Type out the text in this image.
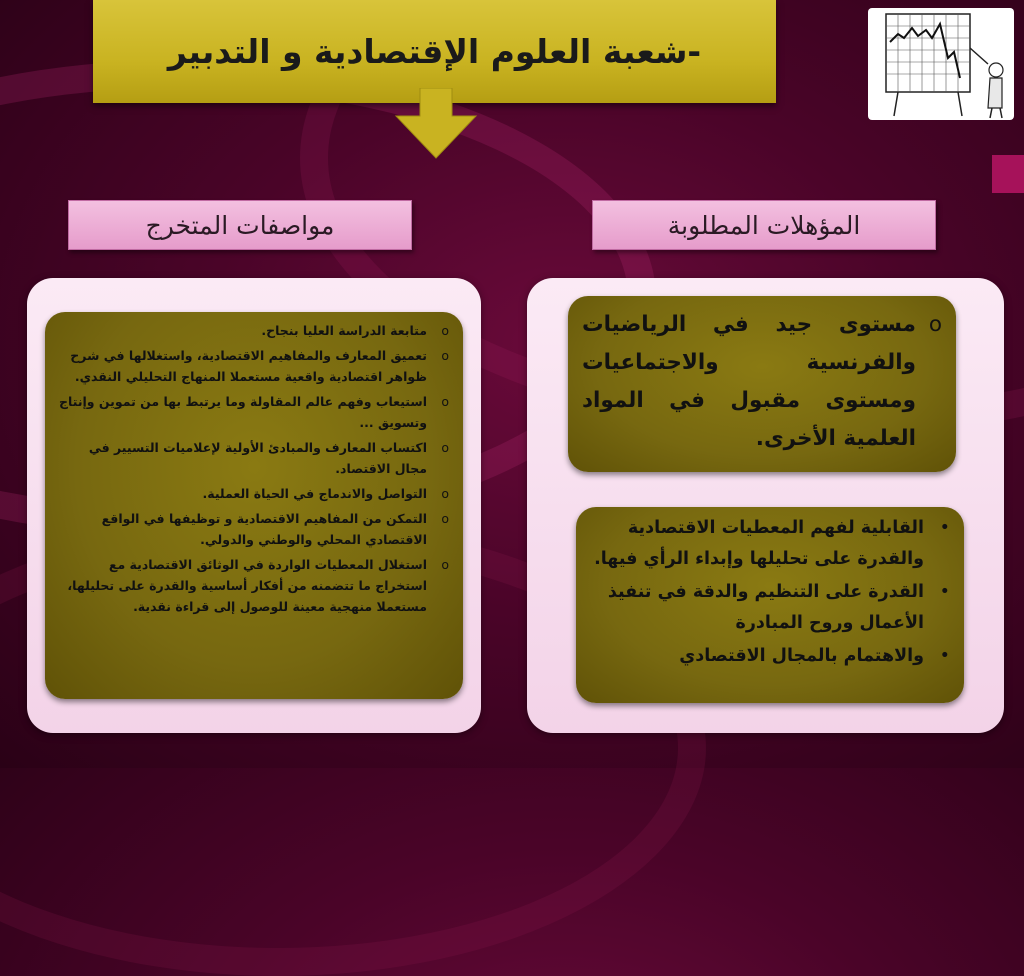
-شعبة العلوم الإقتصادية و التدبير
مواصفات المتخرج	المؤهلات المطلوبة
o
متابعة الدراسة العليا بنجاح.
o
تعميق المعارف والمفاهيم الاقتصادية، واستغلالها في شرح ظواهر اقتصادية واقعية مستعملا المنهاج التحليلي النقدي.
o
استيعاب وفهم عالم المقاولة وما يرتبط بها من تموين وإنتاج وتسويق ...
o
اكتساب المعارف والمبادئ الأولية لإعلاميات التسيير في مجال الاقتصاد.
o
التواصل والاندماج في الحياة العملية.
o
التمكن من المفاهيم الاقتصادية و توظيفها في الواقع الاقتصادي المحلي والوطني والدولي.
o
استغلال المعطيات الواردة في الوثائق الاقتصادية مع استخراج ما تتضمنه من أفكار أساسية والقدرة على تحليلها، مستعملا منهجية معينة للوصول إلى قراءة نقدية.

o
مستوى جيد في الرياضيات والفرنسية والاجتماعيات ومستوى مقبول في المواد العلمية الأخرى.

•
القابلية لفهم المعطيات الاقتصادية والقدرة على تحليلها وإبداء الرأي فيها.
•
القدرة على التنظيم والدقة في تنفيذ الأعمال وروح المبادرة
•
والاهتمام بالمجال الاقتصادي
